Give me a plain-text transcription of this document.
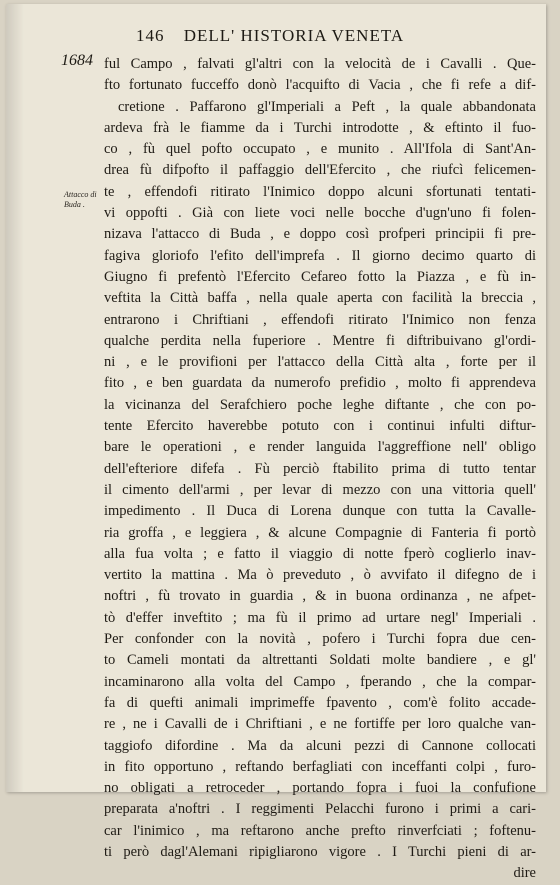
146 DELL' HISTORIA VENETA
1684
Attacco di Buda .
ful Campo , falvati gl'altri con la velocità de i Cavalli . Que-
fto fortunato fucceffo donò l'acquifto di Vacia , che fi refe a dif-
cretione . Paffarono gl'Imperiali a Peft , la quale abbandonata
ardeva frà le fiamme da i Turchi introdotte , & eftinto il fuo-
co , fù quel pofto occupato , e munito . All'Ifola di Sant'An-
drea fù difpofto il paffaggio dell'Efercito , che riufcì felicemen-
te , effendofi ritirato l'Inimico doppo alcuni sfortunati tentati-
vi oppofti . Già con liete voci nelle bocche d'ugn'uno fi folen-
nizava l'attacco di Buda , e doppo così profperi principii fi pre-
fagiva gloriofo l'efito dell'imprefa . Il giorno decimo quarto di
Giugno fi prefentò l'Efercito Cefareo fotto la Piazza , e fù in-
veftita la Città baffa , nella quale aperta con facilità la breccia ,
entrarono i Chriftiani , effendofi ritirato l'Inimico non fenza
qualche perdita nella fuperiore . Mentre fi diftribuivano gl'ordi-
ni , e le provifioni per l'attacco della Città alta , forte per il
fito , e ben guardata da numerofo prefidio , molto fi apprendeva
la vicinanza del Serafchiero poche leghe diftante , che con po-
tente Efercito haverebbe potuto con i continui infulti diftur-
bare le operationi , e render languida l'aggreffione nell' obligo
dell'efteriore difefa . Fù perciò ftabilito prima di tutto tentar
il cimento dell'armi , per levar di mezzo con una vittoria quell'
impedimento . Il Duca di Lorena dunque con tutta la Cavalle-
ria groffa , e leggiera , & alcune Compagnie di Fanteria fi portò
alla fua volta ; e fatto il viaggio di notte fperò coglierlo inav-
vertito la mattina . Ma ò preveduto , ò avvifato il difegno de i
noftri , fù trovato in guardia , & in buona ordinanza , ne afpet-
tò d'effer inveftito ; ma fù il primo ad urtare negl' Imperiali .
Per confonder con la novità , pofero i Turchi fopra due cen-
to Cameli montati da altrettanti Soldati molte bandiere , e gl'
incaminarono alla volta del Campo , fperando , che la compar-
fa di quefti animali imprimeffe fpavento , com'è folito accade-
re , ne i Cavalli de i Chriftiani , e ne fortiffe per loro qualche van-
taggiofo difordine . Ma da alcuni pezzi di Cannone collocati
in fito opportuno , reftando berfagliati con inceffanti colpi , furo-
no obligati a retroceder , portando fopra i fuoi la confufione
preparata a'noftri . I reggimenti Pelacchi furono i primi a cari-
car l'inimico , ma reftarono anche prefto rinverfciati ; foftenu-
ti però dagl'Alemani ripigliarono vigore . I Turchi pieni di ar-
dire
